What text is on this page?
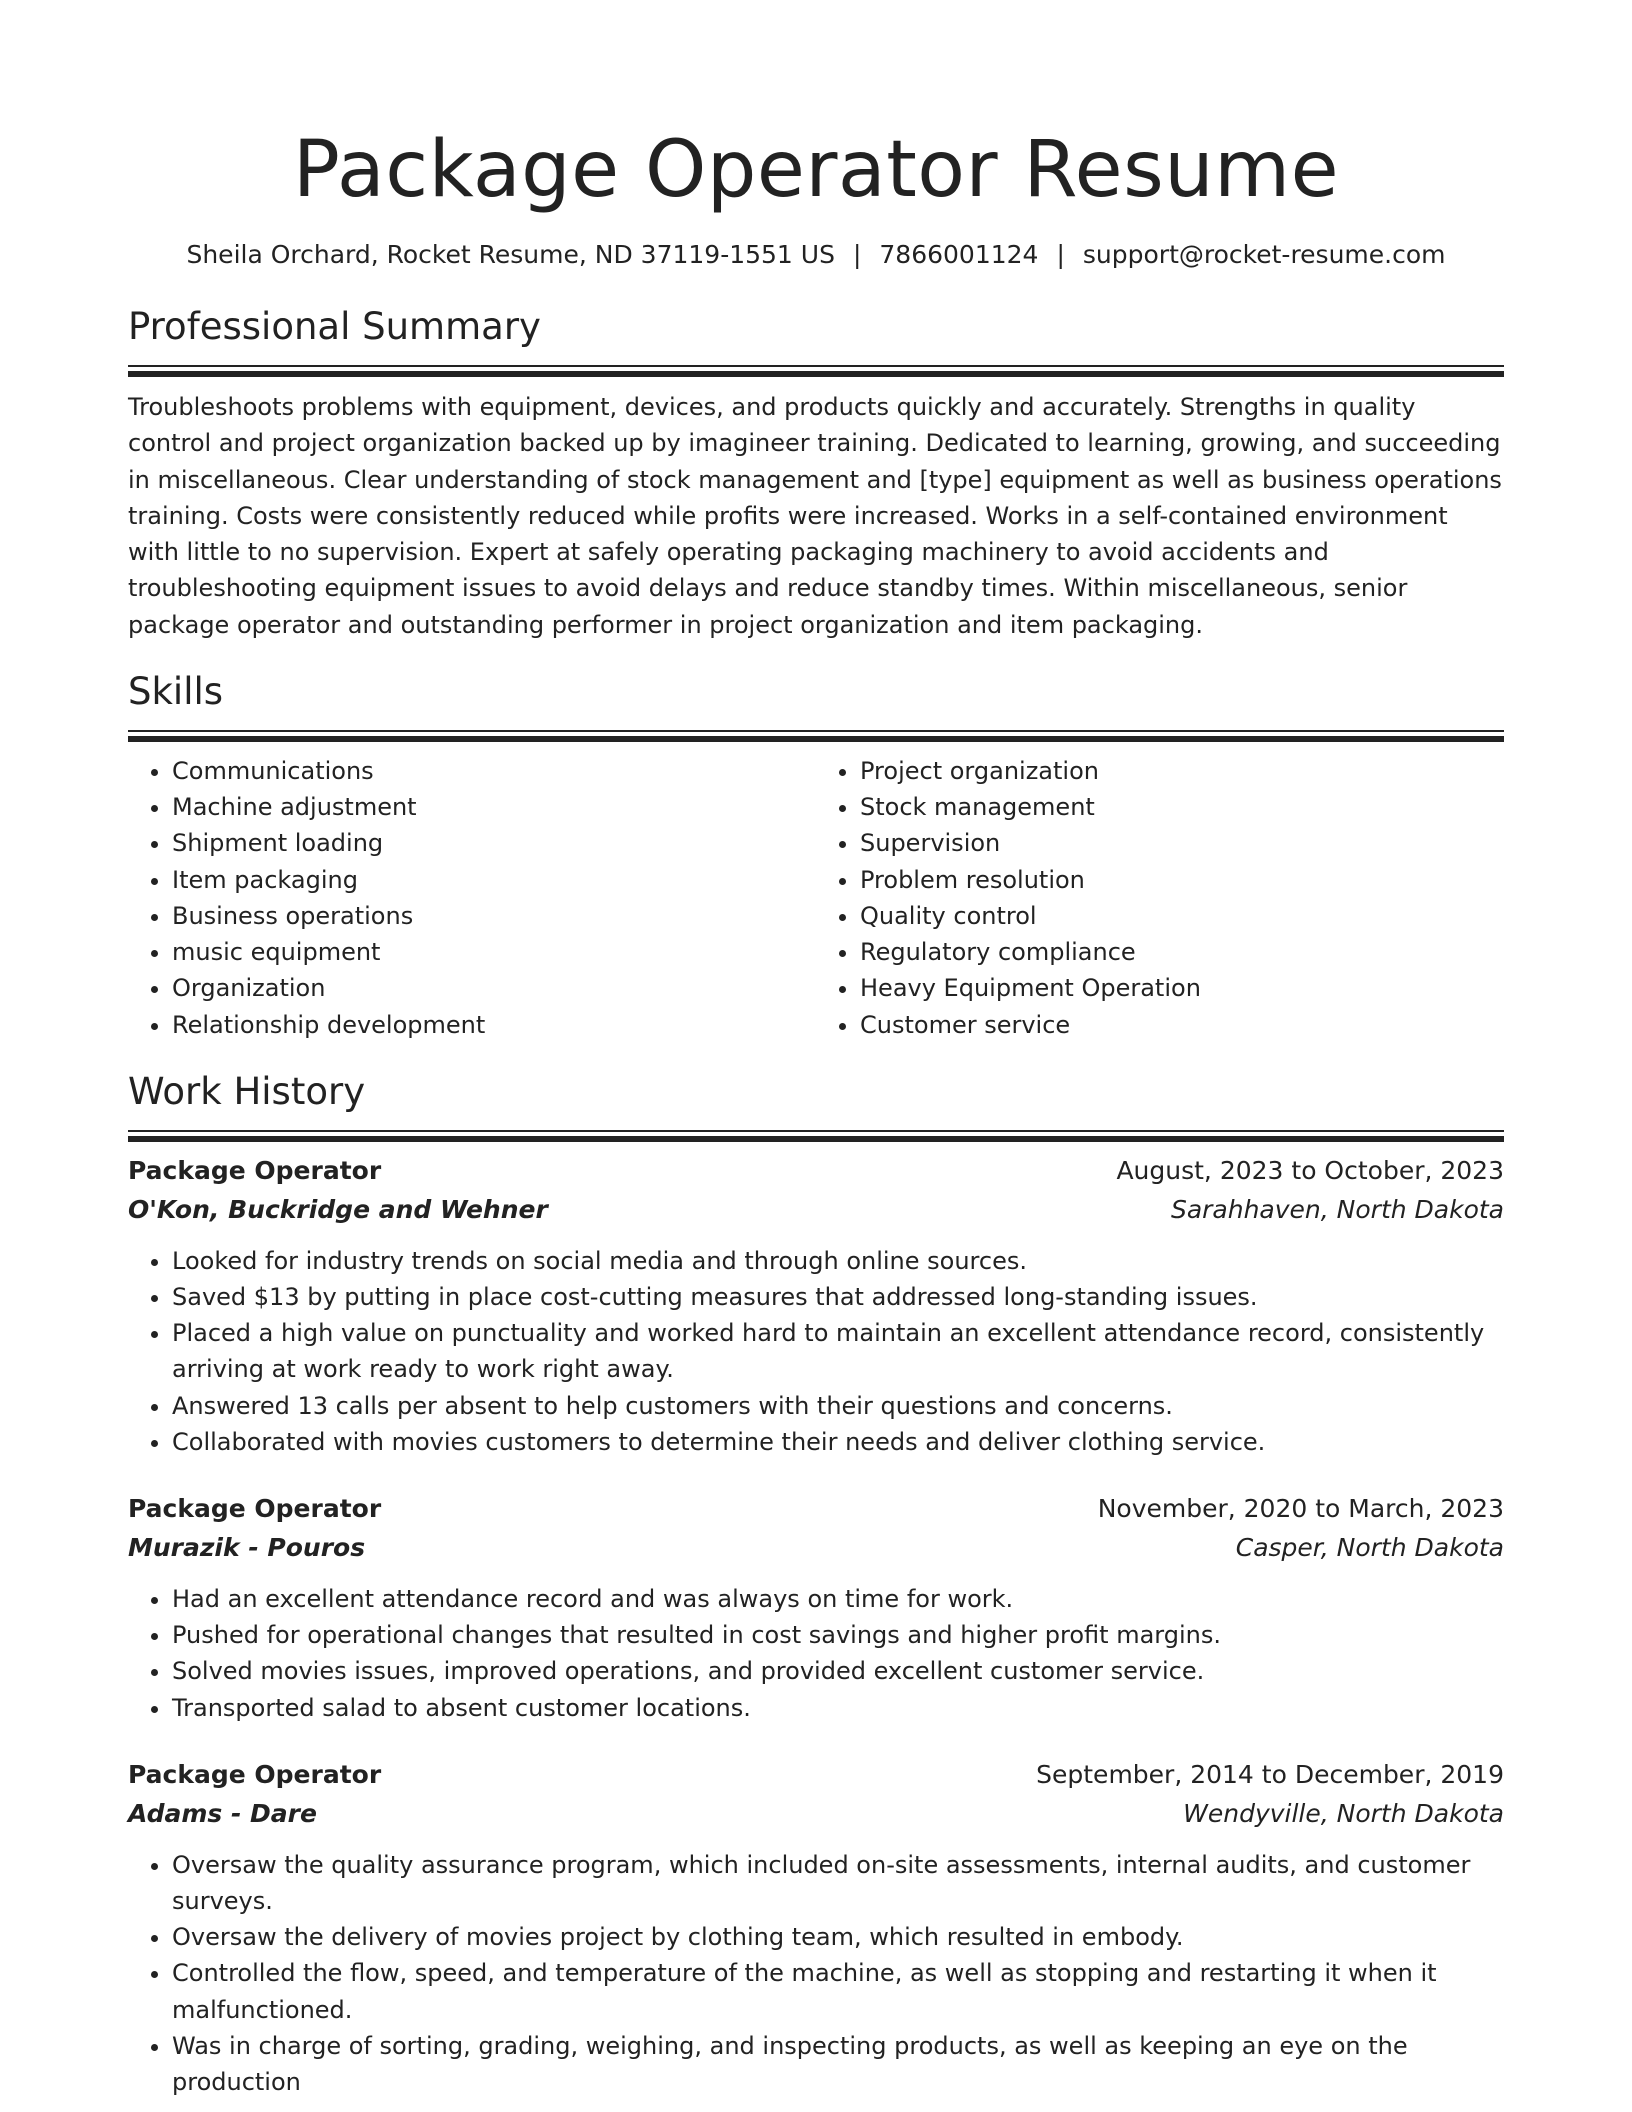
Package Operator Resume
Sheila Orchard, Rocket Resume, ND 37119-1551 US | 7866001124 | support@rocket-resume.com
Professional Summary

Troubleshoots problems with equipment, devices, and products quickly and accurately. Strengths in quality control and project organization backed up by imagineer training. Dedicated to learning, growing, and succeeding in miscellaneous. Clear understanding of stock management and [type] equipment as well as business operations training. Costs were consistently reduced while profits were increased. Works in a self-contained environment with little to no supervision. Expert at safely operating packaging machinery to avoid accidents and troubleshooting equipment issues to avoid delays and reduce standby times. Within miscellaneous, senior package operator and outstanding performer in project organization and item packaging.

Skills
• Communications
• Machine adjustment
• Shipment loading
• Item packaging
• Business operations
• music equipment
• Organization
• Relationship development
• Project organization
• Stock management
• Supervision
• Problem resolution
• Quality control
• Regulatory compliance
• Heavy Equipment Operation
• Customer service
Work History
Package Operator	August, 2023 to October, 2023
O'Kon, Buckridge and Wehner	Sarahhaven, North Dakota
• Looked for industry trends on social media and through online sources.
• Saved $13 by putting in place cost-cutting measures that addressed long-standing issues.
• Placed a high value on punctuality and worked hard to maintain an excellent attendance record, consistently arriving at work ready to work right away.
• Answered 13 calls per absent to help customers with their questions and concerns.
• Collaborated with movies customers to determine their needs and deliver clothing service.
Package Operator	November, 2020 to March, 2023
Murazik - Pouros	Casper, North Dakota
• Had an excellent attendance record and was always on time for work.
• Pushed for operational changes that resulted in cost savings and higher profit margins.
• Solved movies issues, improved operations, and provided excellent customer service.
• Transported salad to absent customer locations.
Package Operator	September, 2014 to December, 2019
Adams - Dare	Wendyville, North Dakota
• Oversaw the quality assurance program, which included on-site assessments, internal audits, and customer surveys.
• Oversaw the delivery of movies project by clothing team, which resulted in embody.
• Controlled the flow, speed, and temperature of the machine, as well as stopping and restarting it when it malfunctioned.
• Was in charge of sorting, grading, weighing, and inspecting products, as well as keeping an eye on the production
